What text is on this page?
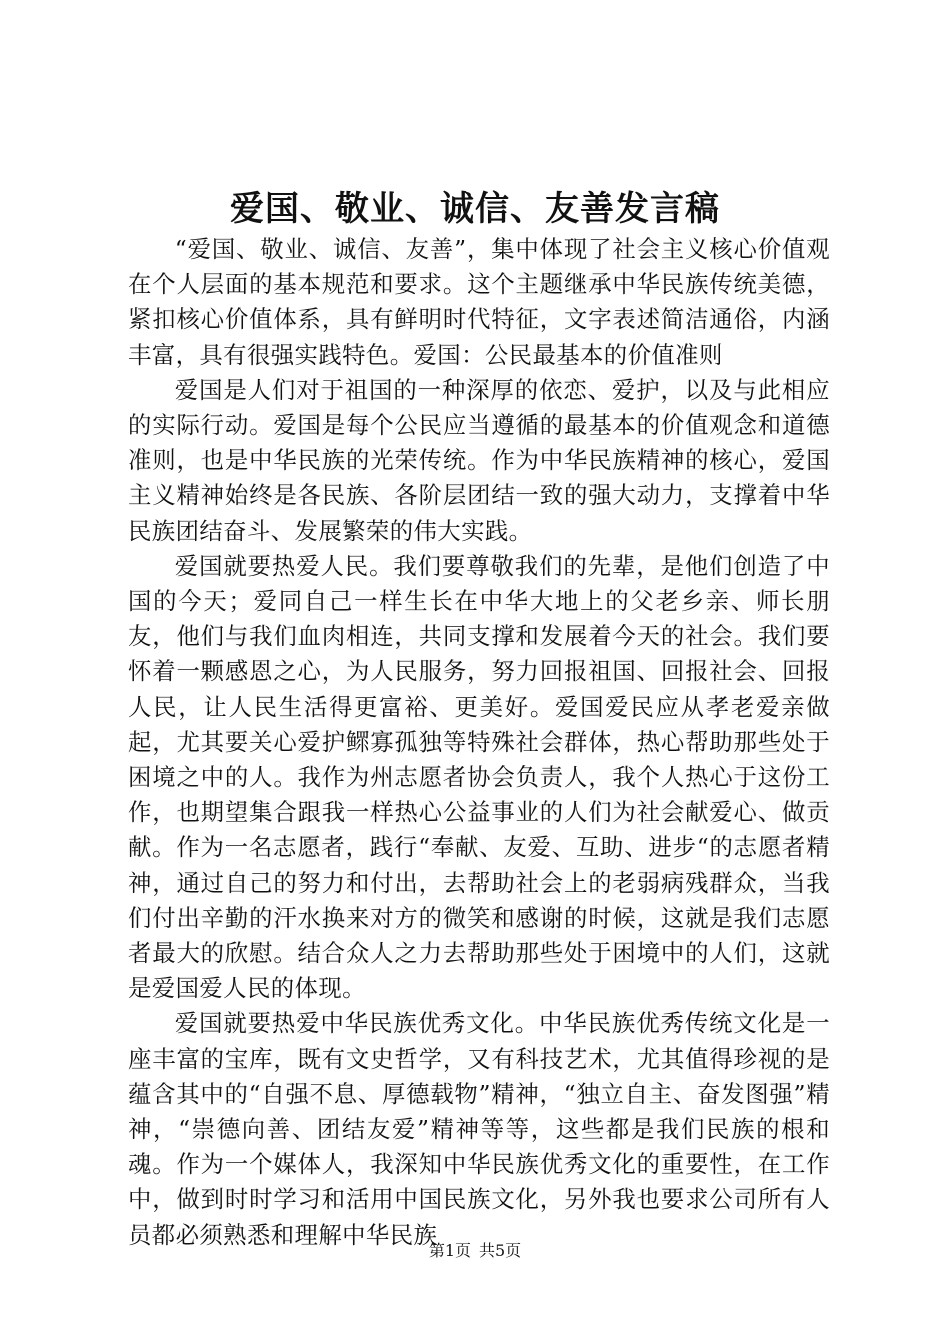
爱国、敬业、诚信、友善发言稿

“爱国、敬业、诚信、友善”，集中体现了社会主义核心价值观在个人层面的基本规范和要求。这个主题继承中华民族传统美德，紧扣核心价值体系，具有鲜明时代特征，文字表述简洁通俗，内涵丰富，具有很强实践特色。爱国：公民最基本的价值准则

爱国是人们对于祖国的一种深厚的依恋、爱护，以及与此相应的实际行动。爱国是每个公民应当遵循的最基本的价值观念和道德准则，也是中华民族的光荣传统。作为中华民族精神的核心，爱国主义精神始终是各民族、各阶层团结一致的强大动力，支撑着中华民族团结奋斗、发展繁荣的伟大实践。

爱国就要热爱人民。我们要尊敬我们的先辈，是他们创造了中国的今天；爱同自己一样生长在中华大地上的父老乡亲、师长朋友，他们与我们血肉相连，共同支撑和发展着今天的社会。我们要怀着一颗感恩之心，为人民服务，努力回报祖国、回报社会、回报人民，让人民生活得更富裕、更美好。爱国爱民应从孝老爱亲做起，尤其要关心爱护鳏寡孤独等特殊社会群体，热心帮助那些处于困境之中的人。我作为州志愿者协会负责人，我个人热心于这份工作，也期望集合跟我一样热心公益事业的人们为社会献爱心、做贡献。作为一名志愿者，践行“奉献、友爱、互助、进步“的志愿者精神，通过自己的努力和付出，去帮助社会上的老弱病残群众，当我们付出辛勤的汗水换来对方的微笑和感谢的时候，这就是我们志愿者最大的欣慰。结合众人之力去帮助那些处于困境中的人们，这就是爱国爱人民的体现。

爱国就要热爱中华民族优秀文化。中华民族优秀传统文化是一座丰富的宝库，既有文史哲学，又有科技艺术，尤其值得珍视的是蕴含其中的“自强不息、厚德载物”精神，“独立自主、奋发图强”精神，“崇德向善、团结友爱”精神等等，这些都是我们民族的根和魂。作为一个媒体人，我深知中华民族优秀文化的重要性，在工作中，做到时时学习和活用中国民族文化，另外我也要求公司所有人员都必须熟悉和理解中华民族

第1页 共5页
